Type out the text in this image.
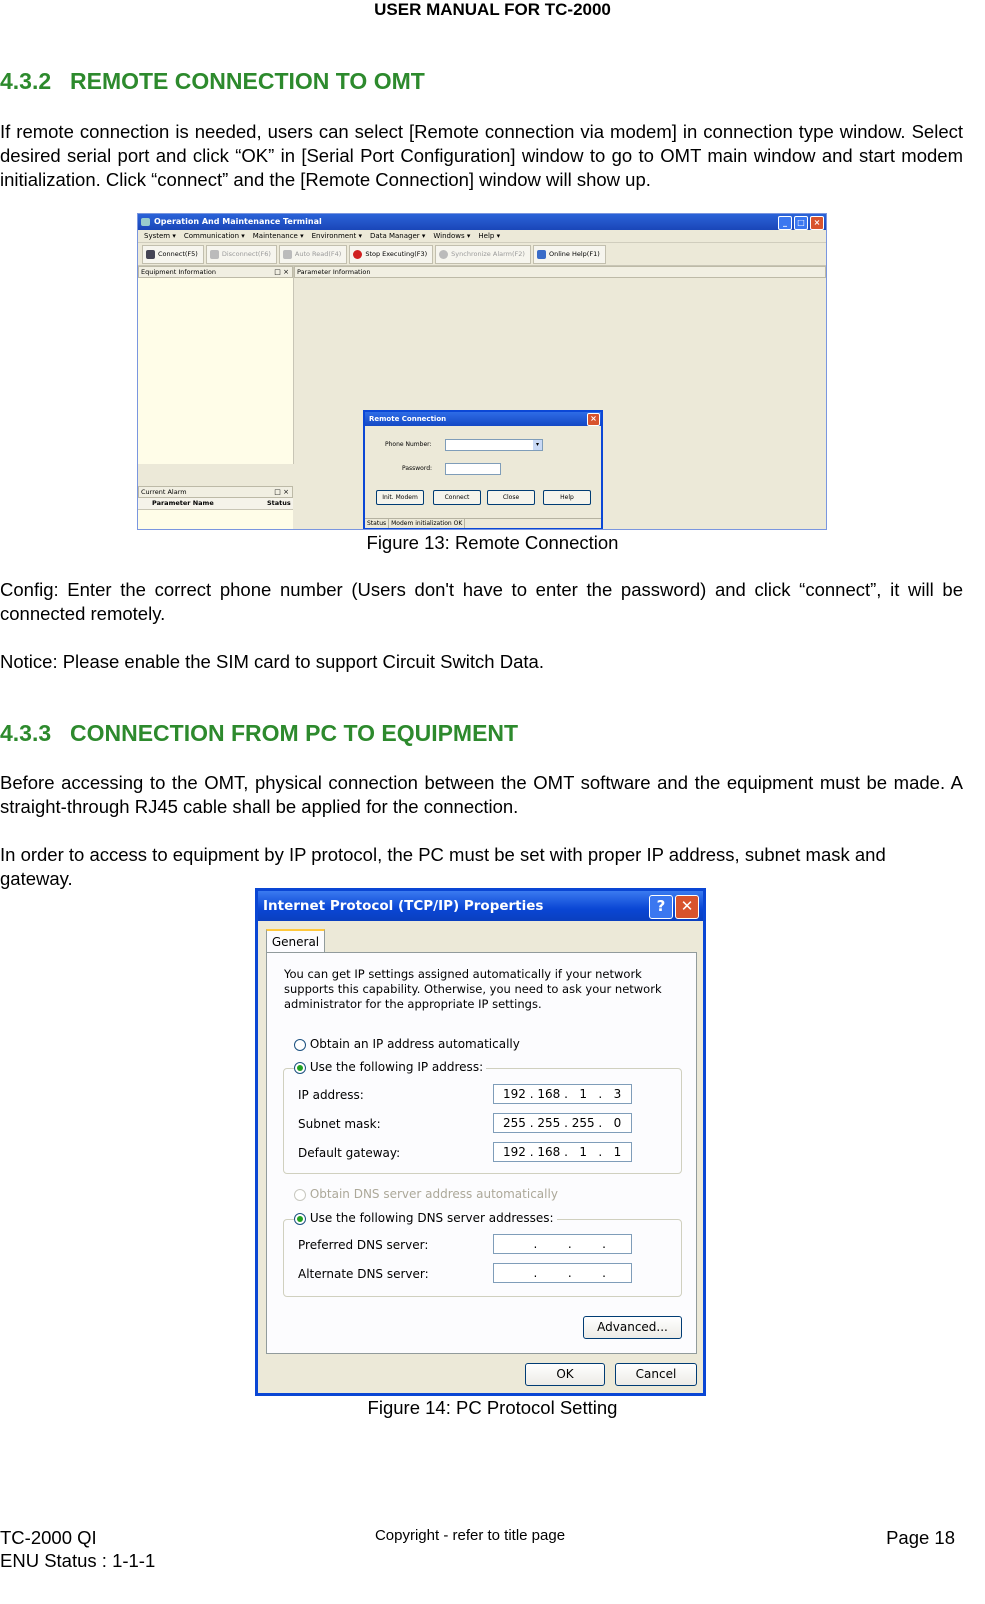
USER MANUAL FOR TC-2000
4.3.2 REMOTE CONNECTION TO OMT
If remote connection is needed, users can select [Remote connection via modem] in connection type window. Select desired serial port and click “OK” in [Serial Port Configuration] window to go to OMT main window and start modem initialization. Click “connect” and the [Remote Connection] window will show up.
Operation And Maintenance Terminal	_	□	×
System ▾ Communication ▾ Maintenance ▾ Environment ▾ Data Manager ▾ Windows ▾ Help ▾
Connect(F5)	Disconnect(F6)	Auto Read(F4)	Stop Executing(F3)	Synchronize Alarm(F2)	Online Help(F1)
Equipment Information	□ ×	Parameter Information
Current Alarm	□ ×
Parameter Name	Status
Remote Connection	×
Phone Number:	▾
Password:
Init. Modem	Connect	Close	Help
Status Modem initialization OK
Figure 13: Remote Connection
Config: Enter the correct phone number (Users don't have to enter the password) and click “connect”, it will be connected remotely.
Notice: Please enable the SIM card to support Circuit Switch Data.
4.3.3 CONNECTION FROM PC TO EQUIPMENT
Before accessing to the OMT, physical connection between the OMT software and the equipment must be made. A straight-through RJ45 cable shall be applied for the connection.
In order to access to equipment by IP protocol, the PC must be set with proper IP address, subnet mask and gateway.
Internet Protocol (TCP/IP) Properties	?	✕
General
You can get IP settings assigned automatically if your network supports this capability. Otherwise, you need to ask your network administrator for the appropriate IP settings.
Obtain an IP address automatically
Use the following IP address:
IP address:	192 . 168 .   1   .   3
Subnet mask:	255 . 255 . 255 .   0
Default gateway:	192 . 168 .   1   .   1
Obtain DNS server address automatically
Use the following DNS server addresses:
Preferred DNS server:	.        .        .
Alternate DNS server:	.        .        .
Advanced...
OK	Cancel
Figure 14: PC Protocol Setting
TC-2000 QI
ENU Status : 1-1-1
Copyright - refer to title page	Page 18
